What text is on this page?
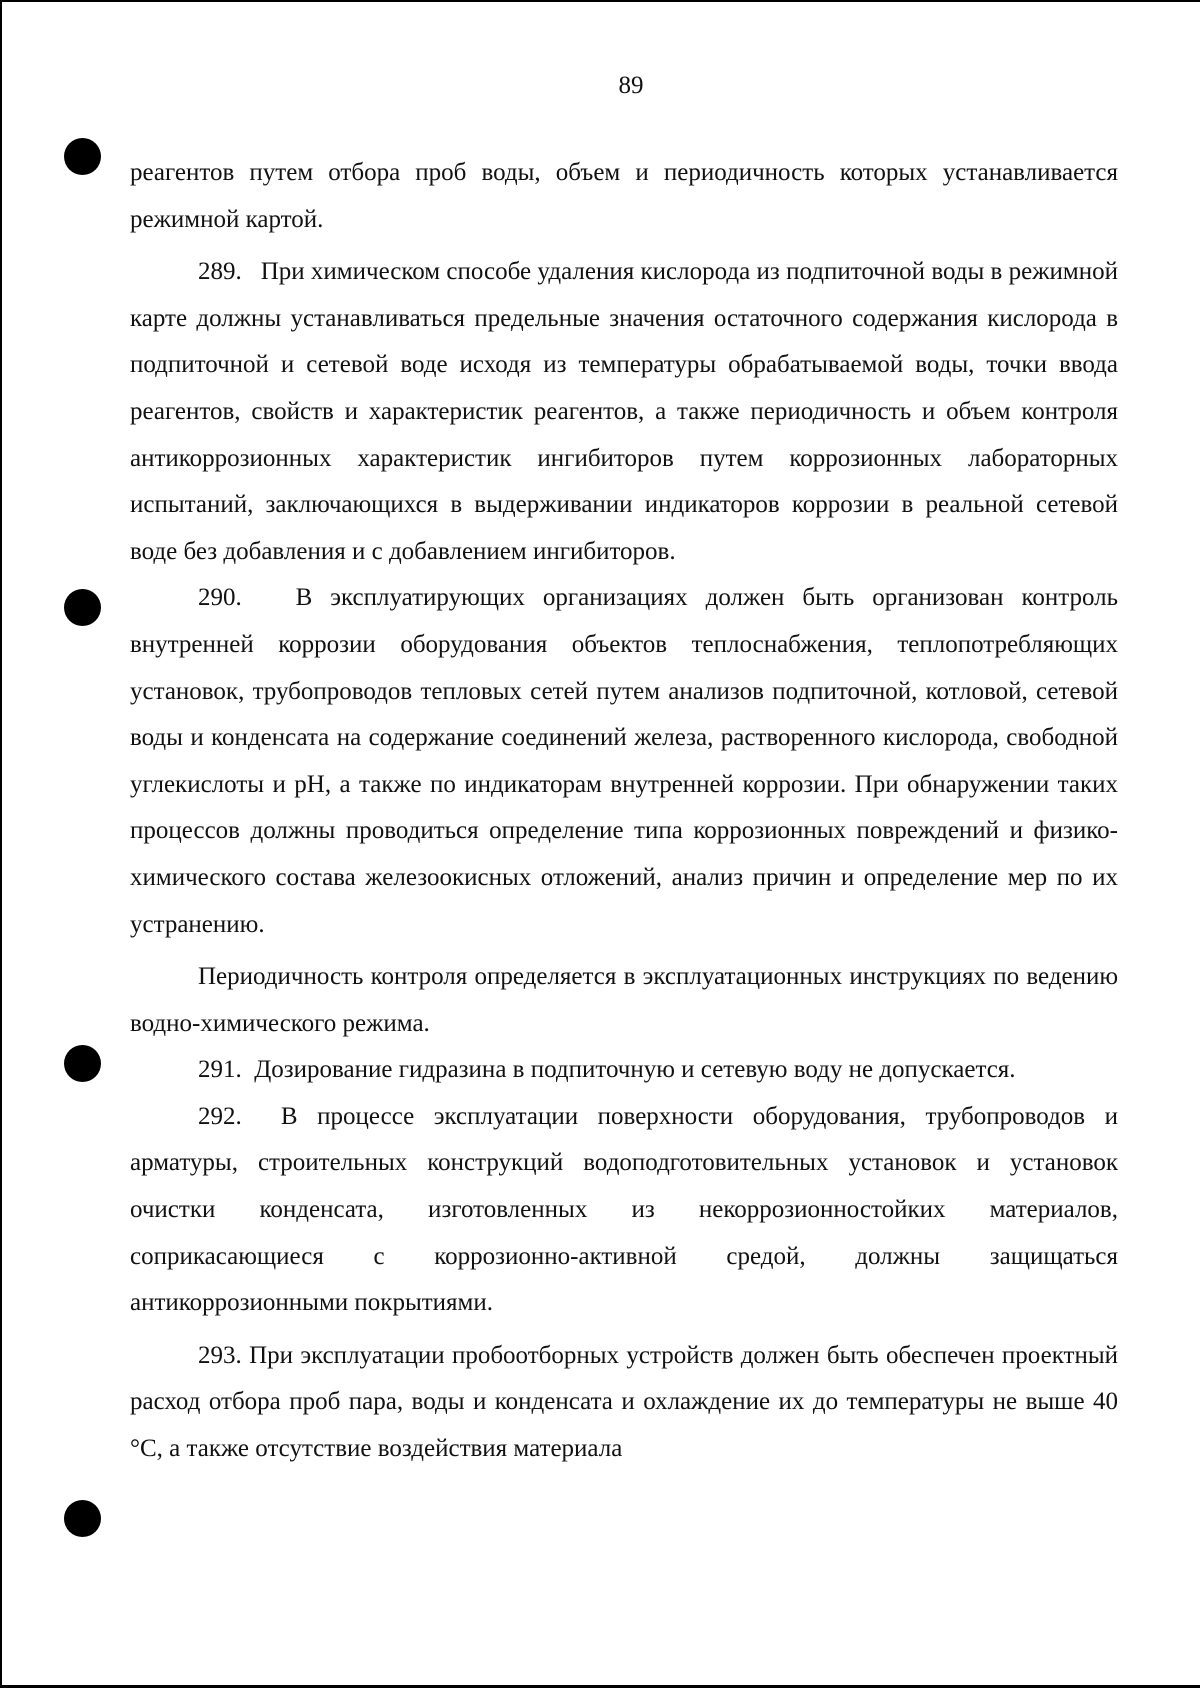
89

реагентов путем отбора проб воды, объем и периодичность которых устанавливается режимной картой.

289. При химическом способе удаления кислорода из подпиточной воды в режимной карте должны устанавливаться предельные значения остаточного содержания кислорода в подпиточной и сетевой воде исходя из температуры обрабатываемой воды, точки ввода реагентов, свойств и характеристик реагентов, а также периодичность и объем контроля антикоррозионных характеристик ингибиторов путем коррозионных лабораторных испытаний, заключающихся в выдерживании индикаторов коррозии в реальной сетевой воде без добавления и с добавлением ингибиторов.

290. В эксплуатирующих организациях должен быть организован контроль внутренней коррозии оборудования объектов теплоснабжения, теплопотребляющих установок, трубопроводов тепловых сетей путем анализов подпиточной, котловой, сетевой воды и конденсата на содержание соединений железа, растворенного кислорода, свободной углекислоты и рН, а также по индикаторам внутренней коррозии. При обнаружении таких процессов должны проводиться определение типа коррозионных повреждений и физико-химического состава железоокисных отложений, анализ причин и определение мер по их устранению.

Периодичность контроля определяется в эксплуатационных инструкциях по ведению водно-химического режима.

291. Дозирование гидразина в подпиточную и сетевую воду не допускается.

292. В процессе эксплуатации поверхности оборудования, трубопроводов и арматуры, строительных конструкций водоподготовительных установок и установок очистки конденсата, изготовленных из некоррозионностойких материалов, соприкасающиеся с коррозионно-активной средой, должны защищаться антикоррозионными покрытиями.

293. При эксплуатации пробоотборных устройств должен быть обеспечен проектный расход отбора проб пара, воды и конденсата и охлаждение их до температуры не выше 40 °С, а также отсутствие воздействия материала
